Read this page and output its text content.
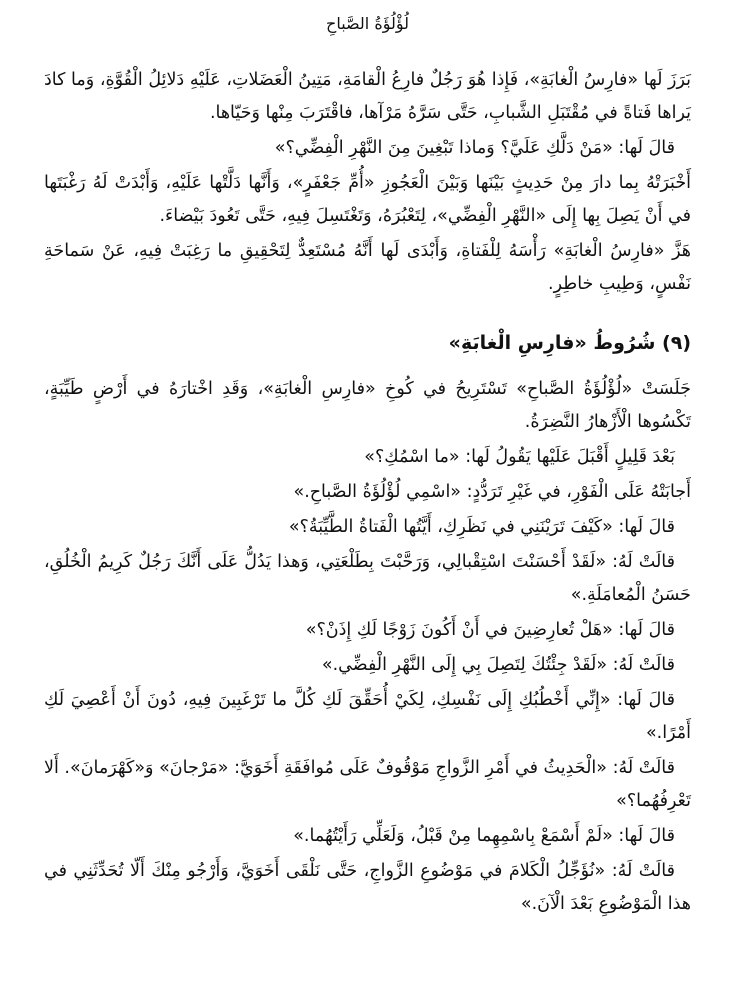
لُؤْلُؤَةُ الصَّباحِ

بَرَزَ لَها «فارِسُ الْغابَةِ»، فَإِذا هُوَ رَجُلٌ فارِعُ الْقامَةِ، مَتِينُ الْعَضَلاتِ، عَلَيْهِ دَلائِلُ الْقُوَّةِ، وَما كادَ يَراها فَتاةً في مُقْتَبَلِ الشَّبابِ، حَتَّى سَرَّهُ مَرْآها، فاقْتَرَبَ مِنْها وَحَيّاها.

قالَ لَها: «مَنْ دَلَّكِ عَلَيَّ؟ وَماذا تَبْغِينَ مِنَ النَّهْرِ الْفِضِّي؟»

أَخْبَرَتْهُ بِما دارَ مِنْ حَدِيثٍ بَيْنَها وَبَيْنَ الْعَجُوزِ «أُمِّ جَعْفَرٍ»، وَأَنَّها دَلَّتْها عَلَيْهِ، وَأَبْدَتْ لَهُ رَغْبَتَها في أَنْ يَصِلَ بِها إِلَى «النَّهْرِ الْفِضِّي»، لِتَعْبُرَهُ، وَتَغْتَسِلَ فِيهِ، حَتَّى تَعُودَ بَيْضاءَ.

هَزَّ «فارِسُ الْغابَةِ» رَأْسَهُ لِلْفَتاةِ، وَأَبْدَى لَها أَنَّهُ مُسْتَعِدٌّ لِتَحْقِيقِ ما رَغِبَتْ فِيهِ، عَنْ سَماحَةِ نَفْسٍ، وَطِيبِ خاطِرٍ.

(٩) شُرُوطُ «فارِسِ الْغابَةِ»

جَلَسَتْ «لُؤْلُؤَةُ الصَّباحِ» تَسْتَرِيحُ في كُوخِ «فارِسِ الْغابَةِ»، وَقَدِ اخْتارَهُ في أَرْضٍ طَيِّبَةٍ، تَكْسُوها الْأَزْهارُ النَّضِرَةُ.

بَعْدَ قَلِيلٍ أَقْبَلَ عَلَيْها يَقُولُ لَها: «ما اسْمُكِ؟»

أَجابَتْهُ عَلَى الْفَوْرِ، في غَيْرِ تَرَدُّدٍ: «اسْمِي لُؤْلُؤَةُ الصَّباحِ.»

قالَ لَها: «كَيْفَ تَرَيْنَنِي في نَظَرِكِ، أَيَّتُها الْفَتاةُ الطَّيِّبَةُ؟»

قالَتْ لَهُ: «لَقَدْ أَحْسَنْتَ اسْتِقْبالِي، وَرَحَّبْتَ بِطَلْعَتِي، وَهذا يَدُلُّ عَلَى أَنَّكَ رَجُلٌ كَرِيمُ الْخُلُقِ، حَسَنُ الْمُعامَلَةِ.»

قالَ لَها: «هَلْ تُعارِضِينَ في أَنْ أَكُونَ زَوْجًا لَكِ إِذَنْ؟»

قالَتْ لَهُ: «لَقَدْ جِئْتُكَ لِتَصِلَ بِي إِلَى النَّهْرِ الْفِضِّي.»

قالَ لَها: «إِنِّي أَخْطُبُكِ إِلَى نَفْسِكِ، لِكَيْ أُحَقِّقَ لَكِ كُلَّ ما تَرْغَبِينَ فِيهِ، دُونَ أَنْ أَعْصِيَ لَكِ أَمْرًا.»

قالَتْ لَهُ: «الْحَدِيثُ في أَمْرِ الزَّواجِ مَوْقُوفٌ عَلَى مُوافَقَةِ أَخَوَيَّ: «مَرْجانَ» وَ«كَهْرَمانَ». أَلا تَعْرِفُهُما؟»

قالَ لَها: «لَمْ أَسْمَعْ بِاسْمِهِما مِنْ قَبْلُ، وَلَعَلِّي رَأَيْتُهُما.»

قالَتْ لَهُ: «نُؤَجِّلُ الْكَلامَ في مَوْضُوعِ الزَّواجِ، حَتَّى نَلْقَى أَخَوَيَّ، وَأَرْجُو مِنْكَ أَلّا تُحَدِّثَنِي في هذا الْمَوْضُوعِ بَعْدَ الْآنَ.»
